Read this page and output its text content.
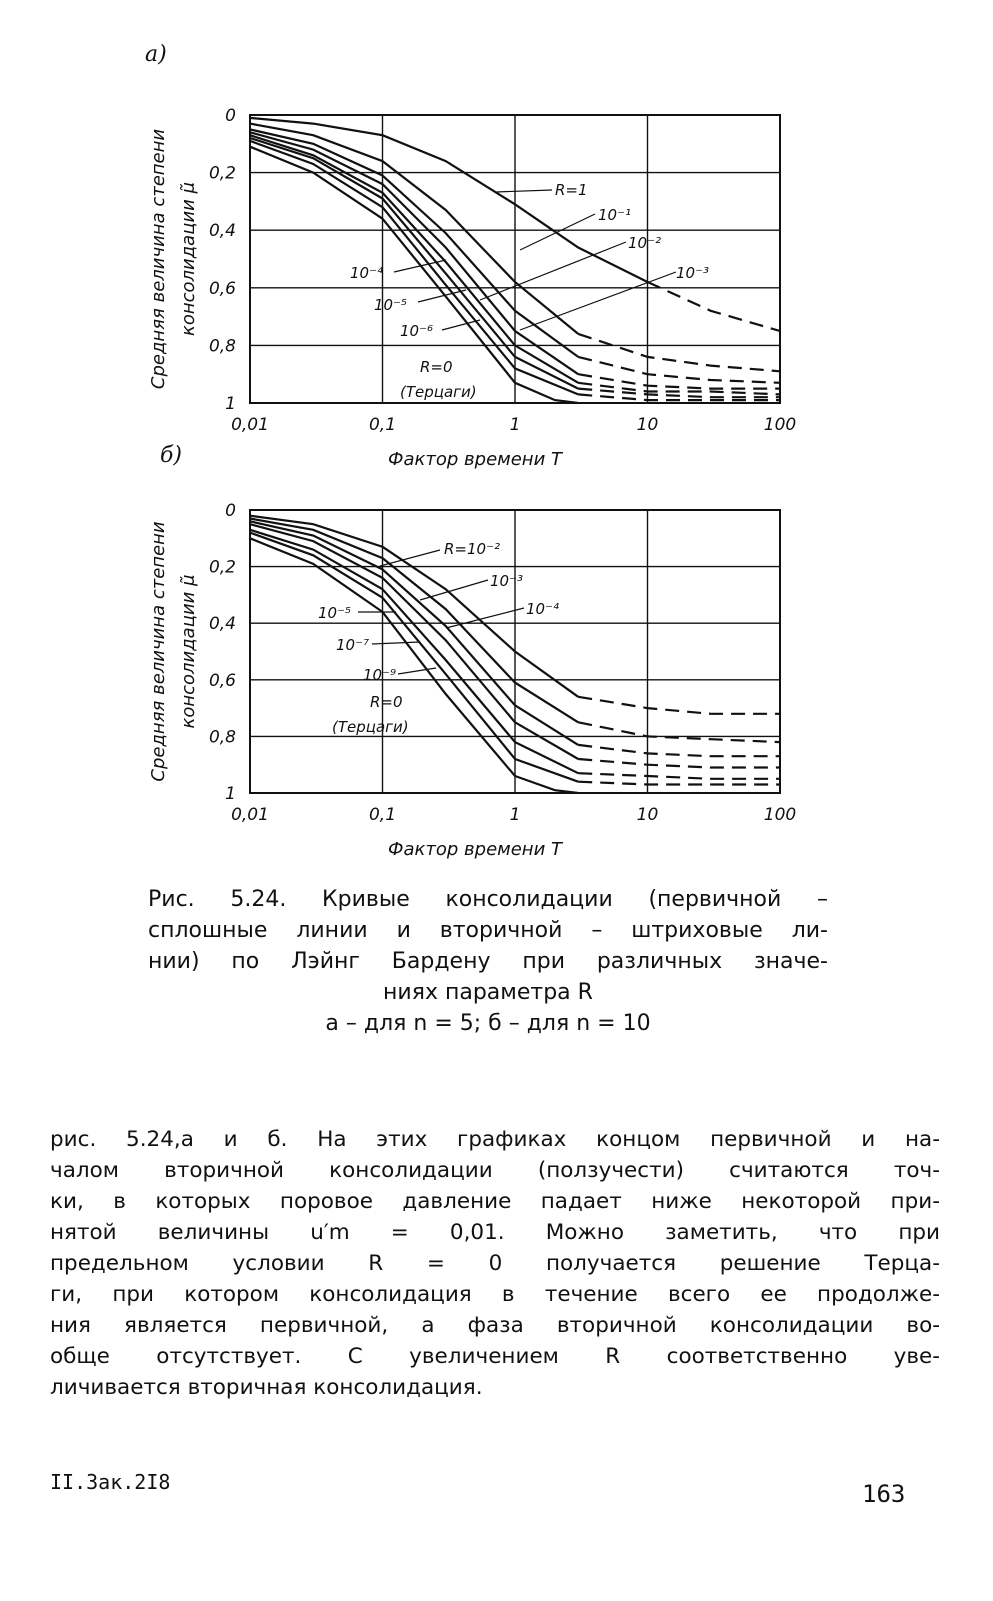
а)
0,01	0,1	1	10	100
0
0,2
0,4
0,6
0,8
1
Фактор времени T
Средняя величина степени консолидации μ̃	R=1
10⁻¹
10⁻²
10⁻³
10⁻⁴
10⁻⁵
10⁻⁶
R=0
(Терцаги)
б)
0,01	0,1	1	10	100
0
0,2
0,4
0,6
0,8
1
Фактор времени T
Средняя величина степени консолидации μ̃
R=10⁻²
10⁻³
10⁻⁴
10⁻⁵
10⁻⁷
10⁻⁹
R=0
(Терцаги)

Рис. 5.24. Кривые консолидации (первичной –

сплошные линии и вторичной – штриховые ли-

нии) по Лэйнг Бардену при различных значе-

ниях параметра R

а – для n = 5; б – для n = 10

рис. 5.24,а и б. На этих графиках концом первичной и на-

чалом вторичной консолидации (ползучести) считаются точ-

ки, в которых поровое давление падает ниже некоторой при-

нятой величины u′m = 0,01. Можно заметить, что при

предельном условии R = 0 получается решение Терца-

ги, при котором консолидация в течение всего ее продолже-

ния является первичной, а фаза вторичной консолидации во-

обще отсутствует. С увеличением R соответственно уве-

личивается вторичная консолидация.

II.Зак.2I8	163
